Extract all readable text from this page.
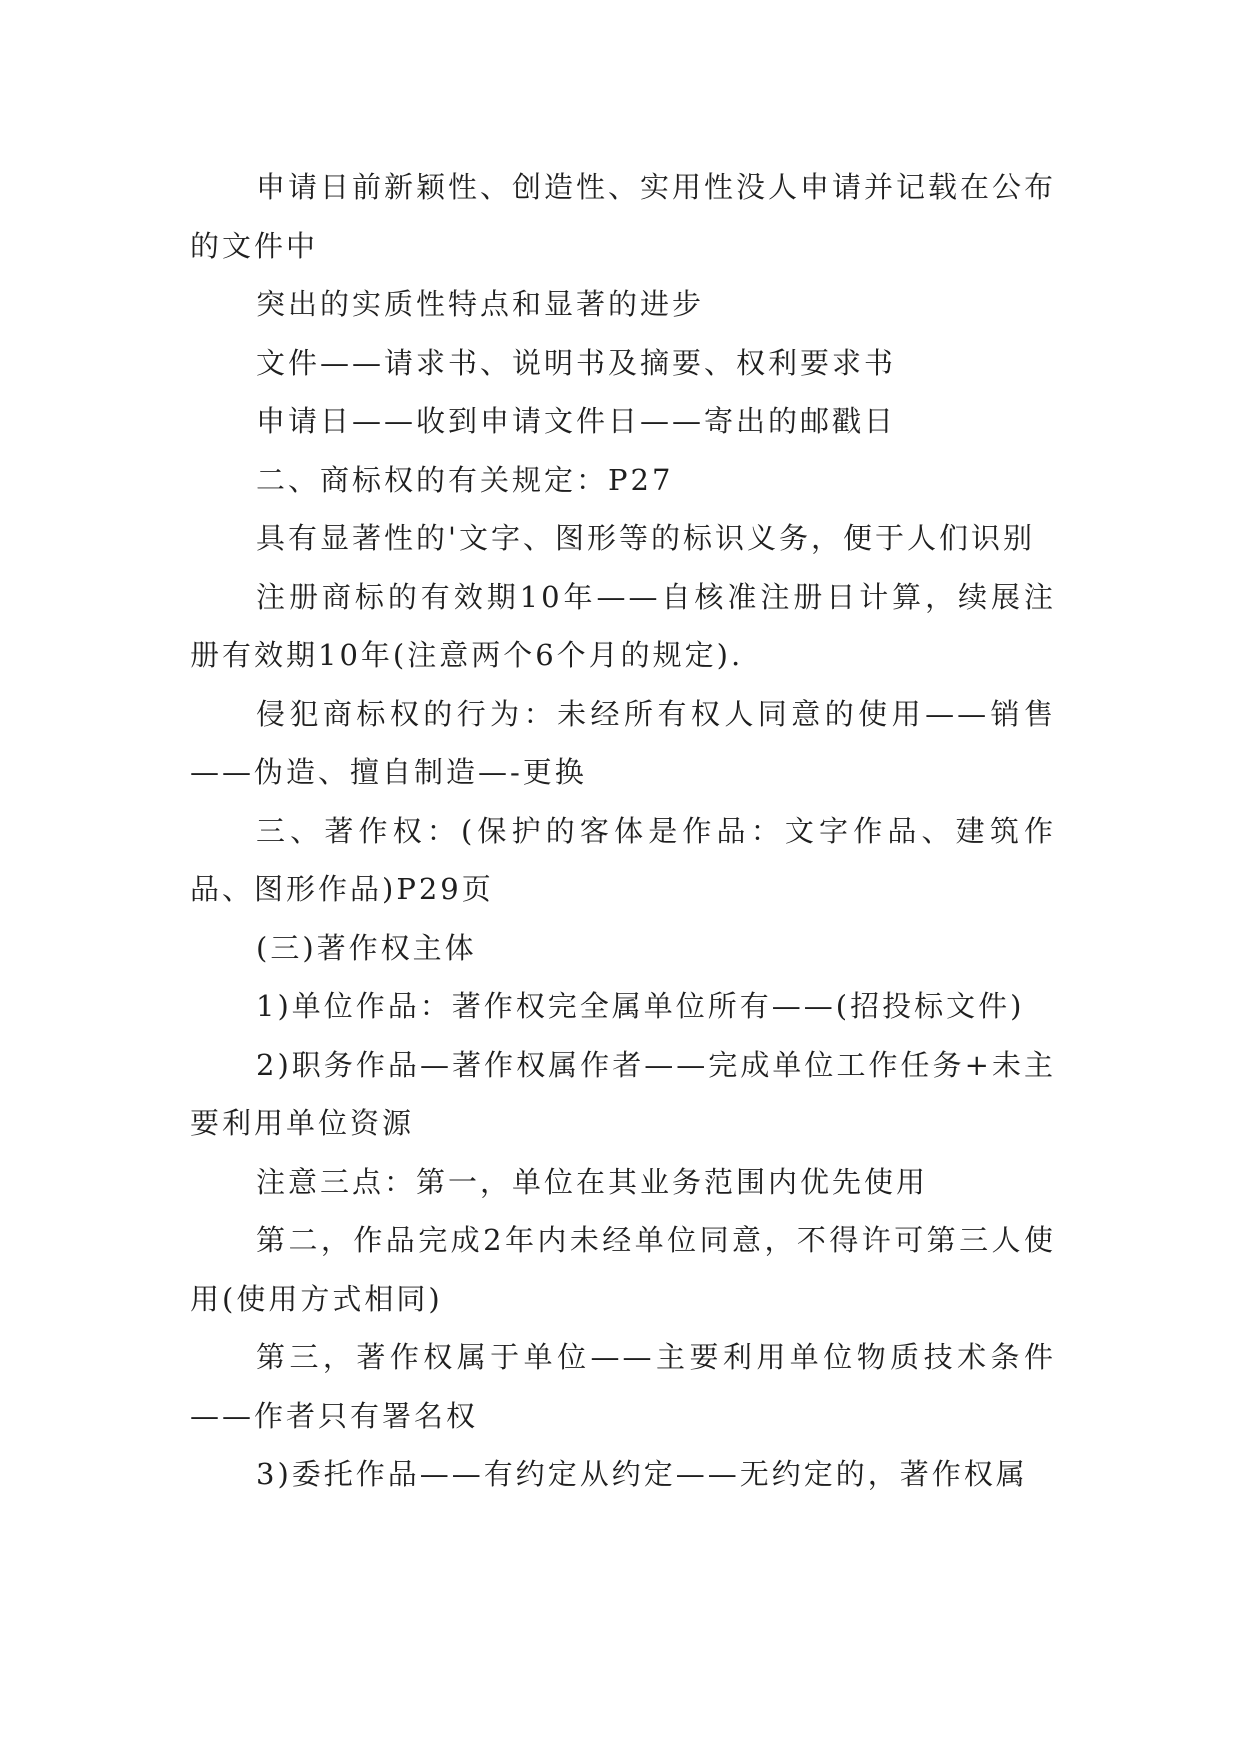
申请日前新颖性、创造性、实用性没人申请并记载在公布的文件中

突出的实质性特点和显著的进步

文件——请求书、说明书及摘要、权利要求书

申请日——收到申请文件日——寄出的邮戳日

二、商标权的有关规定：P27

具有显著性的'文字、图形等的标识义务，便于人们识别

注册商标的有效期10年——自核准注册日计算，续展注册有效期10年(注意两个6个月的规定).

侵犯商标权的行为：未经所有权人同意的使用——销售——伪造、擅自制造—-更换

三、著作权：(保护的客体是作品：文字作品、建筑作品、图形作品)P29页

(三)著作权主体

1)单位作品：著作权完全属单位所有——(招投标文件)

2)职务作品—著作权属作者——完成单位工作任务+未主要利用单位资源

注意三点：第一，单位在其业务范围内优先使用

第二，作品完成2年内未经单位同意，不得许可第三人使用(使用方式相同)

第三，著作权属于单位——主要利用单位物质技术条件——作者只有署名权

3)委托作品——有约定从约定——无约定的，著作权属
